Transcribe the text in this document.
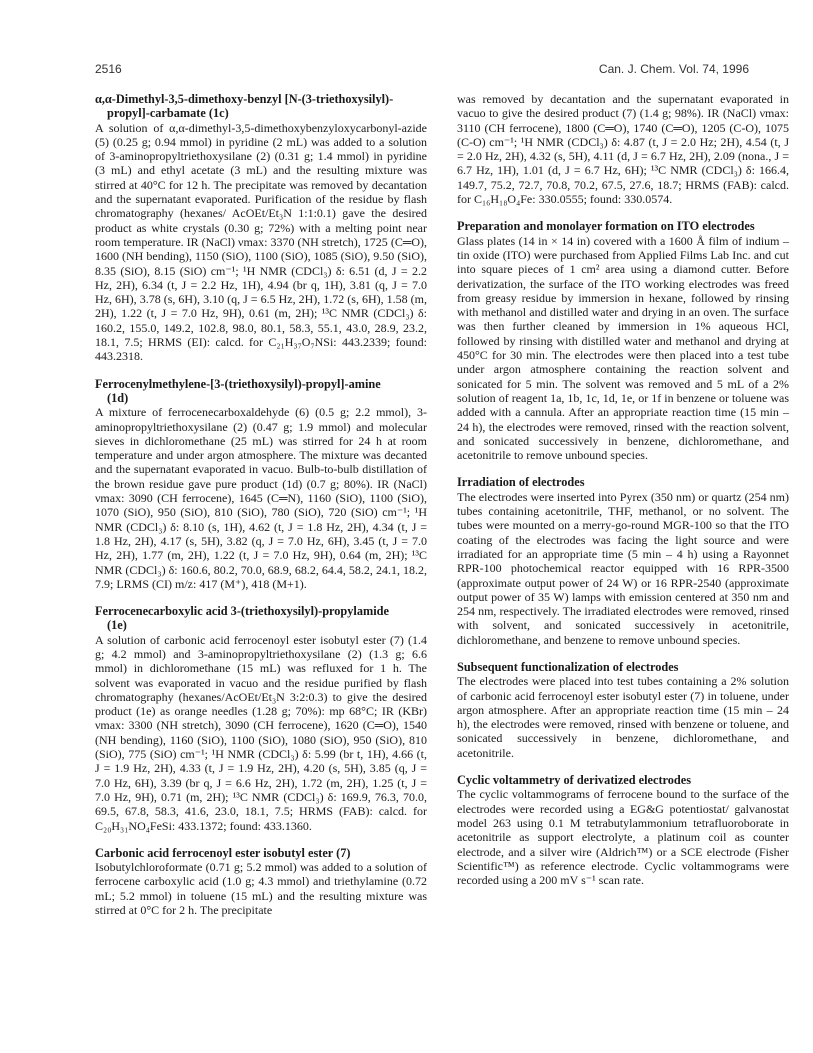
2516	Can. J. Chem. Vol. 74, 1996
α,α-Dimethyl-3,5-dimethoxy-benzyl [N-(3-triethoxysilyl)-
propyl]-carbamate (1c)

A solution of α,α-dimethyl-3,5-dimethoxybenzyloxycarbonyl-azide (5) (0.25 g; 0.94 mmol) in pyridine (2 mL) was added to a solution of 3-aminopropyltriethoxysilane (2) (0.31 g; 1.4 mmol) in pyridine (3 mL) and ethyl acetate (3 mL) and the resulting mixture was stirred at 40°C for 12 h. The precipitate was removed by decantation and the supernatant evaporated. Purification of the residue by flash chromatography (hexanes/ AcOEt/Et₃N 1:1:0.1) gave the desired product as white crystals (0.30 g; 72%) with a melting point near room temperature. IR (NaCl) νmax: 3370 (NH stretch), 1725 (C═O), 1600 (NH bending), 1150 (SiO), 1100 (SiO), 1085 (SiO), 9.50 (SiO), 8.35 (SiO), 8.15 (SiO) cm⁻¹; ¹H NMR (CDCl₃) δ: 6.51 (d, J = 2.2 Hz, 2H), 6.34 (t, J = 2.2 Hz, 1H), 4.94 (br q, 1H), 3.81 (q, J = 7.0 Hz, 6H), 3.78 (s, 6H), 3.10 (q, J = 6.5 Hz, 2H), 1.72 (s, 6H), 1.58 (m, 2H), 1.22 (t, J = 7.0 Hz, 9H), 0.61 (m, 2H); ¹³C NMR (CDCl₃) δ: 160.2, 155.0, 149.2, 102.8, 98.0, 80.1, 58.3, 55.1, 43.0, 28.9, 23.2, 18.1, 7.5; HRMS (EI): calcd. for C₂₁H₃₇O₇NSi: 443.2339; found: 443.2318.

Ferrocenylmethylene-[3-(triethoxysilyl)-propyl]-amine
(1d)

A mixture of ferrocenecarboxaldehyde (6) (0.5 g; 2.2 mmol), 3-aminopropyltriethoxysilane (2) (0.47 g; 1.9 mmol) and molecular sieves in dichloromethane (25 mL) was stirred for 24 h at room temperature and under argon atmosphere. The mixture was decanted and the supernatant evaporated in vacuo. Bulb-to-bulb distillation of the brown residue gave pure product (1d) (0.7 g; 80%). IR (NaCl) νmax: 3090 (CH ferrocene), 1645 (C═N), 1160 (SiO), 1100 (SiO), 1070 (SiO), 950 (SiO), 810 (SiO), 780 (SiO), 720 (SiO) cm⁻¹; ¹H NMR (CDCl₃) δ: 8.10 (s, 1H), 4.62 (t, J = 1.8 Hz, 2H), 4.34 (t, J = 1.8 Hz, 2H), 4.17 (s, 5H), 3.82 (q, J = 7.0 Hz, 6H), 3.45 (t, J = 7.0 Hz, 2H), 1.77 (m, 2H), 1.22 (t, J = 7.0 Hz, 9H), 0.64 (m, 2H); ¹³C NMR (CDCl₃) δ: 160.6, 80.2, 70.0, 68.9, 68.2, 64.4, 58.2, 24.1, 18.2, 7.9; LRMS (CI) m/z: 417 (M⁺), 418 (M+1).

Ferrocenecarboxylic acid 3-(triethoxysilyl)-propylamide
(1e)

A solution of carbonic acid ferrocenoyl ester isobutyl ester (7) (1.4 g; 4.2 mmol) and 3-aminopropyltriethoxysilane (2) (1.3 g; 6.6 mmol) in dichloromethane (15 mL) was refluxed for 1 h. The solvent was evaporated in vacuo and the residue purified by flash chromatography (hexanes/AcOEt/Et₃N 3:2:0.3) to give the desired product (1e) as orange needles (1.28 g; 70%): mp 68°C; IR (KBr) νmax: 3300 (NH stretch), 3090 (CH ferrocene), 1620 (C═O), 1540 (NH bending), 1160 (SiO), 1100 (SiO), 1080 (SiO), 950 (SiO), 810 (SiO), 775 (SiO) cm⁻¹; ¹H NMR (CDCl₃) δ: 5.99 (br t, 1H), 4.66 (t, J = 1.9 Hz, 2H), 4.33 (t, J = 1.9 Hz, 2H), 4.20 (s, 5H), 3.85 (q, J = 7.0 Hz, 6H), 3.39 (br q, J = 6.6 Hz, 2H), 1.72 (m, 2H), 1.25 (t, J = 7.0 Hz, 9H), 0.71 (m, 2H); ¹³C NMR (CDCl₃) δ: 169.9, 76.3, 70.0, 69.5, 67.8, 58.3, 41.6, 23.0, 18.1, 7.5; HRMS (FAB): calcd. for C₂₀H₃₁NO₄FeSi: 433.1372; found: 433.1360.

Carbonic acid ferrocenoyl ester isobutyl ester (7)

Isobutylchloroformate (0.71 g; 5.2 mmol) was added to a solution of ferrocene carboxylic acid (1.0 g; 4.3 mmol) and triethylamine (0.72 mL; 5.2 mmol) in toluene (15 mL) and the resulting mixture was stirred at 0°C for 2 h. The precipitate

was removed by decantation and the supernatant evaporated in vacuo to give the desired product (7) (1.4 g; 98%). IR (NaCl) νmax: 3110 (CH ferrocene), 1800 (C═O), 1740 (C═O), 1205 (C-O), 1075 (C-O) cm⁻¹; ¹H NMR (CDCl₃) δ: 4.87 (t, J = 2.0 Hz; 2H), 4.54 (t, J = 2.0 Hz, 2H), 4.32 (s, 5H), 4.11 (d, J = 6.7 Hz, 2H), 2.09 (nona., J = 6.7 Hz, 1H), 1.01 (d, J = 6.7 Hz, 6H); ¹³C NMR (CDCl₃) δ: 166.4, 149.7, 75.2, 72.7, 70.8, 70.2, 67.5, 27.6, 18.7; HRMS (FAB): calcd. for C₁₆H₁₈O₄Fe: 330.0555; found: 330.0574.

Preparation and monolayer formation on ITO electrodes

Glass plates (14 in × 14 in) covered with a 1600 Å film of indium – tin oxide (ITO) were purchased from Applied Films Lab Inc. and cut into square pieces of 1 cm² area using a diamond cutter. Before derivatization, the surface of the ITO working electrodes was freed from greasy residue by immersion in hexane, followed by rinsing with methanol and distilled water and drying in an oven. The surface was then further cleaned by immersion in 1% aqueous HCl, followed by rinsing with distilled water and methanol and drying at 450°C for 30 min. The electrodes were then placed into a test tube under argon atmosphere containing the reaction solvent and sonicated for 5 min. The solvent was removed and 5 mL of a 2% solution of reagent 1a, 1b, 1c, 1d, 1e, or 1f in benzene or toluene was added with a cannula. After an appropriate reaction time (15 min – 24 h), the electrodes were removed, rinsed with the reaction solvent, and sonicated successively in benzene, dichloromethane, and acetonitrile to remove unbound species.

Irradiation of electrodes

The electrodes were inserted into Pyrex (350 nm) or quartz (254 nm) tubes containing acetonitrile, THF, methanol, or no solvent. The tubes were mounted on a merry-go-round MGR-100 so that the ITO coating of the electrodes was facing the light source and were irradiated for an appropriate time (5 min – 4 h) using a Rayonnet RPR-100 photochemical reactor equipped with 16 RPR-3500 (approximate output power of 24 W) or 16 RPR-2540 (approximate output power of 35 W) lamps with emission centered at 350 nm and 254 nm, respectively. The irradiated electrodes were removed, rinsed with solvent, and sonicated successively in acetonitrile, dichloromethane, and benzene to remove unbound species.

Subsequent functionalization of electrodes

The electrodes were placed into test tubes containing a 2% solution of carbonic acid ferrocenoyl ester isobutyl ester (7) in toluene, under argon atmosphere. After an appropriate reaction time (15 min – 24 h), the electrodes were removed, rinsed with benzene or toluene, and sonicated successively in benzene, dichloromethane, and acetonitrile.

Cyclic voltammetry of derivatized electrodes

The cyclic voltammograms of ferrocene bound to the surface of the electrodes were recorded using a EG&G potentiostat/ galvanostat model 263 using 0.1 M tetrabutylammonium tetrafluoroborate in acetonitrile as support electrolyte, a platinum coil as counter electrode, and a silver wire (Aldrich™) or a SCE electrode (Fisher Scientific™) as reference electrode. Cyclic voltammograms were recorded using a 200 mV s⁻¹ scan rate.
